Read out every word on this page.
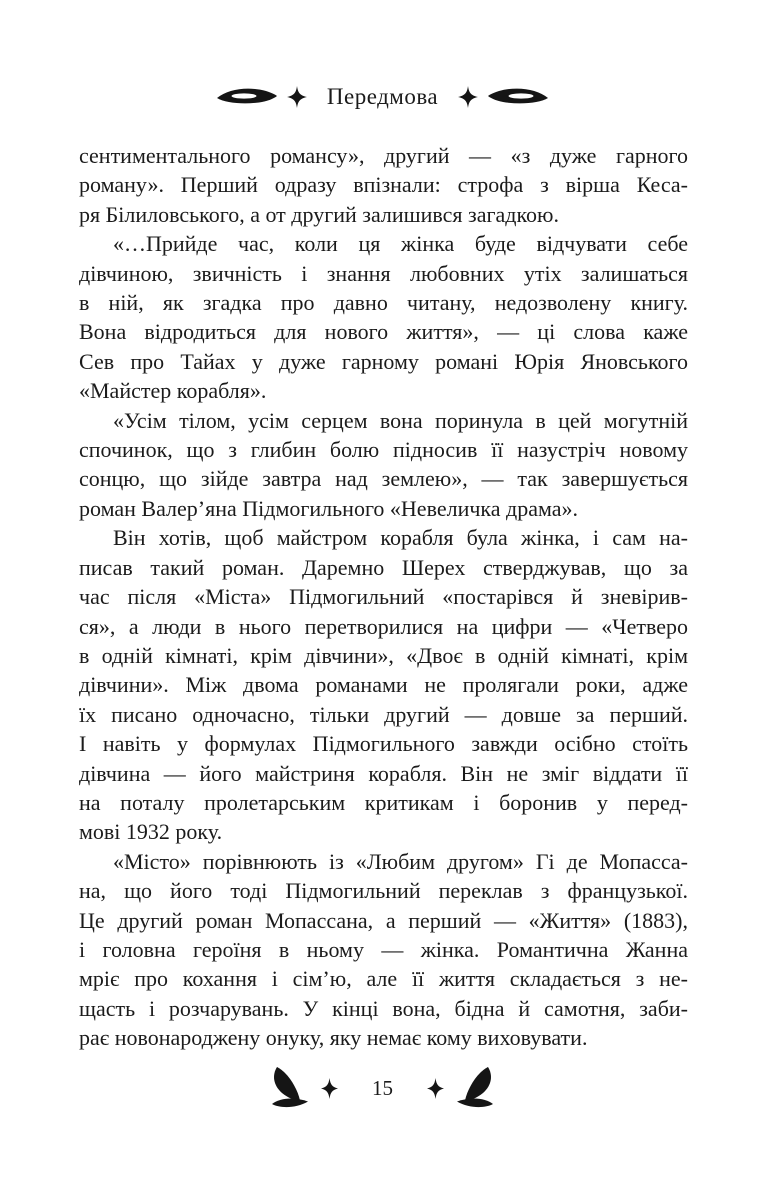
Передмова
сентиментального романсу», другий — «з дуже гарного
роману». Перший одразу впізнали: строфа з вірша Кеса-
ря Білиловського, а от другий залишився загадкою.
«…Прийде час, коли ця жінка буде відчувати себе
дівчиною, звичність і знання любовних утіх залишаться
в ній, як згадка про давно читану, недозволену книгу.
Вона відродиться для нового життя», — ці слова каже
Сев про Тайах у дуже гарному романі Юрія Яновського
«Майстер корабля».
«Усім тілом, усім серцем вона поринула в цей могутній
спочинок, що з глибин болю підносив її назустріч новому
сонцю, що зійде завтра над землею», — так завершується
роман Валер’яна Підмогильного «Невеличка драма».
Він хотів, щоб майстром корабля була жінка, і сам на-
писав такий роман. Даремно Шерех стверджував, що за
час після «Міста» Підмогильний «постарівся й зневірив-
ся», а люди в нього перетворилися на цифри — «Четверо
в одній кімнаті, крім дівчини», «Двоє в одній кімнаті, крім
дівчини». Між двома романами не пролягали роки, адже
їх писано одночасно, тільки другий — довше за перший.
І навіть у формулах Підмогильного завжди осібно стоїть
дівчина — його майстриня корабля. Він не зміг віддати її
на поталу пролетарським критикам і боронив у перед-
мові 1932 року.
«Місто» порівнюють із «Любим другом» Гі де Мопасса-
на, що його тоді Підмогильний переклав з французької.
Це другий роман Мопассана, а перший — «Життя» (1883),
і головна героїня в ньому — жінка. Романтична Жанна
мріє про кохання і сім’ю, але її життя складається з не-
щасть і розчарувань. У кінці вона, бідна й самотня, заби-
рає новонароджену онуку, яку немає кому виховувати.
15
